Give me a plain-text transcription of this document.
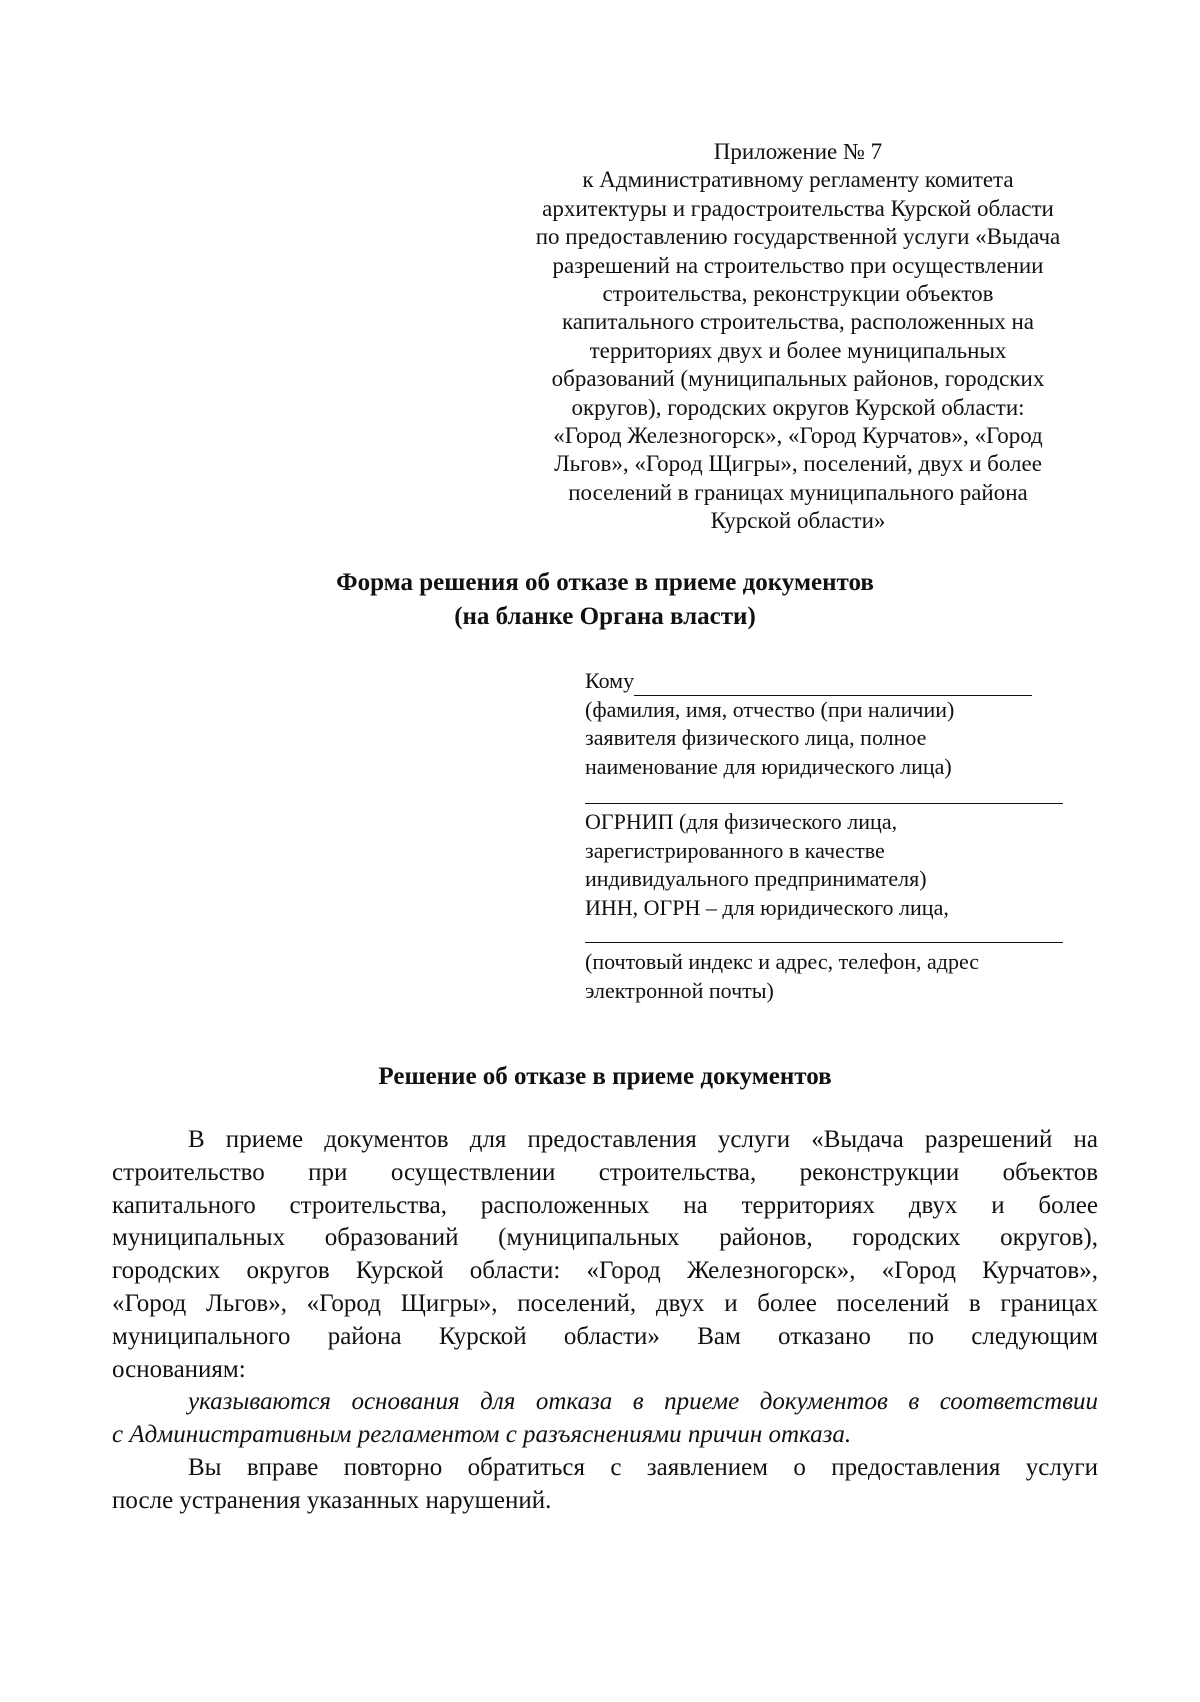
Приложение № 7
к Административному регламенту комитета
архитектуры и градостроительства Курской области
по предоставлению государственной услуги «Выдача
разрешений на строительство при осуществлении
строительства, реконструкции объектов
капитального строительства, расположенных на
территориях двух и более муниципальных
образований (муниципальных районов, городских
округов), городских округов Курской области:
«Город Железногорск», «Город Курчатов», «Город
Льгов», «Город Щигры», поселений, двух и более
поселений в границах муниципального района
Курской области»
Форма решения об отказе в приеме документов
(на бланке Органа власти)
Кому
(фамилия, имя, отчество (при наличии)
заявителя физического лица, полное
наименование для юридического лица)
ОГРНИП (для физического лица,
зарегистрированного в качестве
индивидуального предпринимателя)
ИНН, ОГРН – для юридического лица,
(почтовый индекс и адрес, телефон, адрес
электронной почты)
Решение об отказе в приеме документов
В приеме документов для предоставления услуги «Выдача разрешений на
строительство при осуществлении строительства, реконструкции объектов
капитального строительства, расположенных на территориях двух и более
муниципальных образований (муниципальных районов, городских округов),
городских округов Курской области: «Город Железногорск», «Город Курчатов»,
«Город Льгов», «Город Щигры», поселений, двух и более поселений в границах
муниципального района Курской области» Вам отказано по следующим
основаниям:
указываются основания для отказа в приеме документов в соответствии
с Административным регламентом с разъяснениями причин отказа.
Вы вправе повторно обратиться с заявлением о предоставления услуги
после устранения указанных нарушений.
